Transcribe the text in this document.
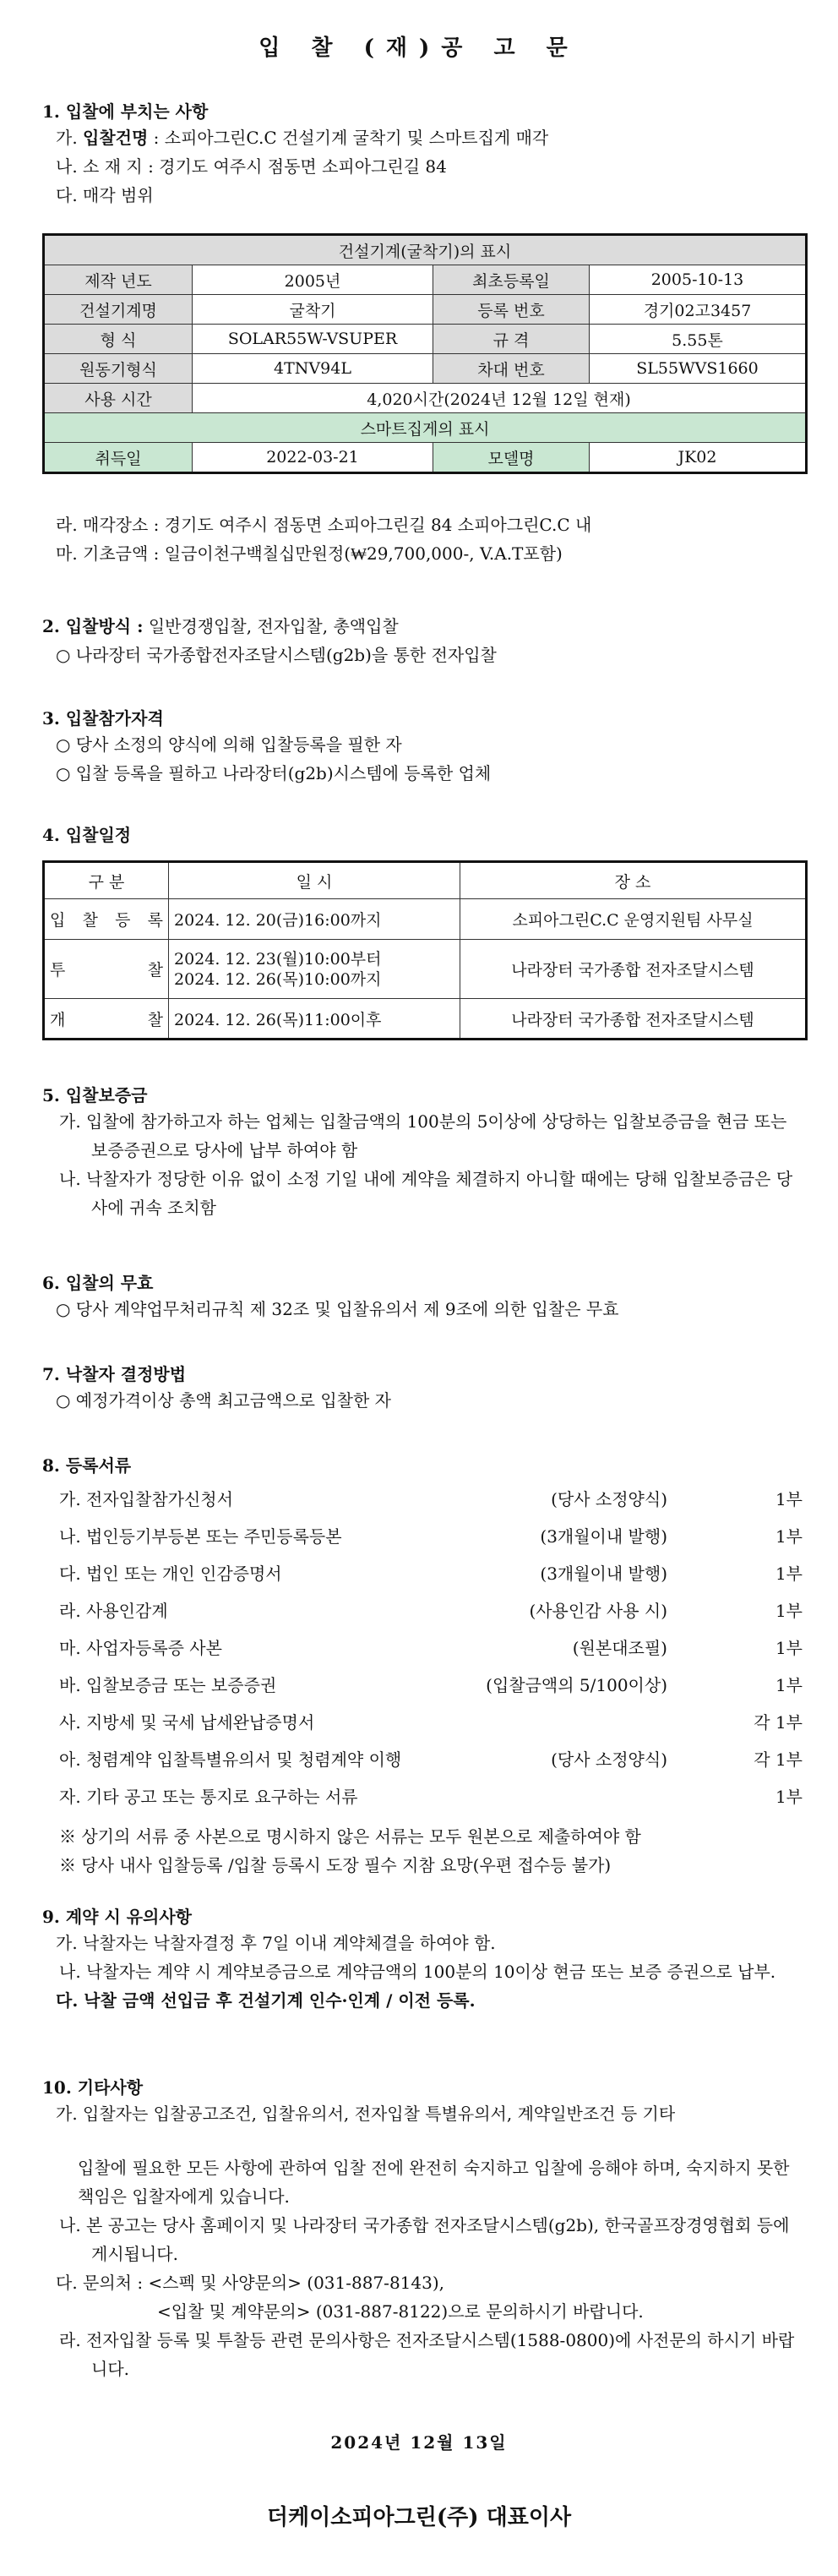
입 찰 (재)공 고 문
1. 입찰에 부치는 사항
가. 입찰건명 : 소피아그린C.C 건설기계 굴착기 및 스마트집게 매각
나. 소 재 지 : 경기도 여주시 점동면 소피아그린길 84
다. 매각 범위
건설기계(굴착기)의 표시			
제작 년도	2005년	최초등록일	2005-10-13
건설기계명	굴착기	등록 번호	경기02고3457
형 식	SOLAR55W-VSUPER	규 격	5.55톤
원동기형식	4TNV94L	차대 번호	SL55WVS1660
사용 시간	4,020시간(2024년 12월 12일 현재)		
스마트집게의 표시			
취득일	2022-03-21	모델명	JK02
라. 매각장소 : 경기도 여주시 점동면 소피아그린길 84 소피아그린C.C 내
마. 기초금액 : 일금이천구백칠십만원정(₩29,700,000-, V.A.T포함)
2. 입찰방식 : 일반경쟁입찰, 전자입찰, 총액입찰
○ 나라장터 국가종합전자조달시스템(g2b)을 통한 전자입찰
3. 입찰참가자격
○ 당사 소정의 양식에 의해 입찰등록을 필한 자
○ 입찰 등록을 필하고 나라장터(g2b)시스템에 등록한 업체
4. 입찰일정
구 분	일 시	장 소
입 찰 등 록	2024. 12. 20(금)16:00까지	소피아그린C.C 운영지원팀 사무실
투 찰	2024. 12. 23(월)10:00부터
2024. 12. 26(목)10:00까지	나라장터 국가종합 전자조달시스템
개 찰	2024. 12. 26(목)11:00이후	나라장터 국가종합 전자조달시스템
5. 입찰보증금
가. 입찰에 참가하고자 하는 업체는 입찰금액의 100분의 5이상에 상당하는 입찰보증금을 현금 또는 보증증권으로 당사에 납부 하여야 함
나. 낙찰자가 정당한 이유 없이 소정 기일 내에 계약을 체결하지 아니할 때에는 당해 입찰보증금은 당사에 귀속 조치함
6. 입찰의 무효
○ 당사 계약업무처리규칙 제 32조 및 입찰유의서 제 9조에 의한 입찰은 무효
7. 낙찰자 결정방법
○ 예정가격이상 총액 최고금액으로 입찰한 자
8. 등록서류
가. 전자입찰참가신청서	(당사 소정양식)	1부
나. 법인등기부등본 또는 주민등록등본	(3개월이내 발행)	1부
다. 법인 또는 개인 인감증명서	(3개월이내 발행)	1부
라. 사용인감계	(사용인감 사용 시)	1부
마. 사업자등록증 사본	(원본대조필)	1부
바. 입찰보증금 또는 보증증권	(입찰금액의 5/100이상)	1부
사. 지방세 및 국세 납세완납증명서	각 1부
아. 청렴계약 입찰특별유의서 및 청렴계약 이행	(당사 소정양식)	각 1부
자. 기타 공고 또는 통지로 요구하는 서류	1부
※ 상기의 서류 중 사본으로 명시하지 않은 서류는 모두 원본으로 제출하여야 함
※ 당사 내사 입찰등록 /입찰 등록시 도장 필수 지참 요망(우편 접수등 불가)
9. 계약 시 유의사항
가. 낙찰자는 낙찰자결정 후 7일 이내 계약체결을 하여야 함.
나. 낙찰자는 계약 시 계약보증금으로 계약금액의 100분의 10이상 현금 또는 보증 증권으로 납부.
다. 낙찰 금액 선입금 후 건설기계 인수·인계 / 이전 등록.
10. 기타사항
가. 입찰자는 입찰공고조건, 입찰유의서, 전자입찰 특별유의서, 계약일반조건 등 기타
입찰에 필요한 모든 사항에 관하여 입찰 전에 완전히 숙지하고 입찰에 응해야 하며, 숙지하지 못한 책임은 입찰자에게 있습니다.
나. 본 공고는 당사 홈페이지 및 나라장터 국가종합 전자조달시스템(g2b), 한국골프장경영협회 등에 게시됩니다.
다. 문의처 : <스펙 및 사양문의> (031-887-8143),
<입찰 및 계약문의> (031-887-8122)으로 문의하시기 바랍니다.
라. 전자입찰 등록 및 투찰등 관련 문의사항은 전자조달시스템(1588-0800)에 사전문의 하시기 바랍니다.
2024년 12월 13일
더케이소피아그린(주) 대표이사
